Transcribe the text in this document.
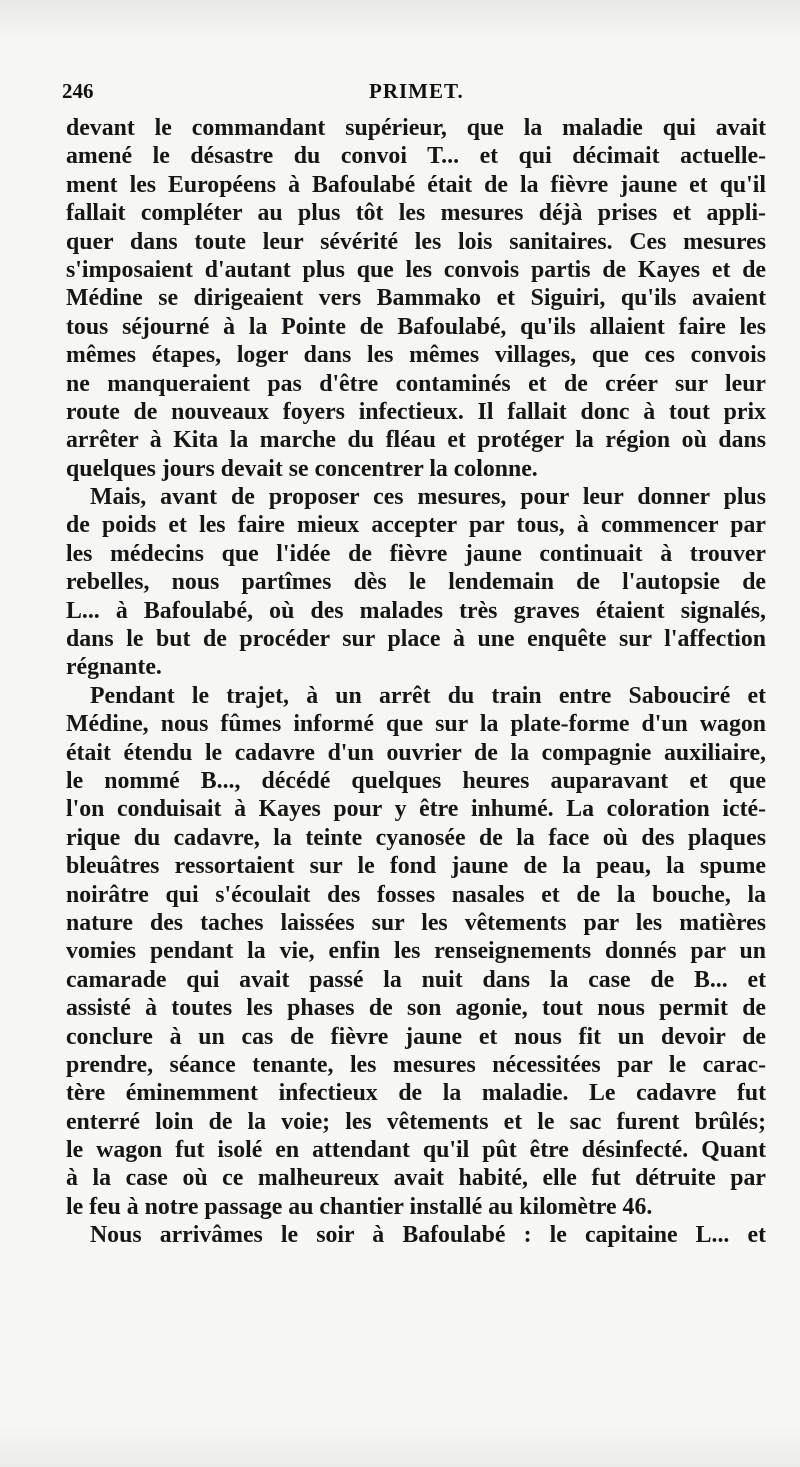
246	PRIMET.
devant le commandant supérieur, que la maladie qui avait
amené le désastre du convoi T... et qui décimait actuelle-
ment les Européens à Bafoulabé était de la fièvre jaune et qu'il
fallait compléter au plus tôt les mesures déjà prises et appli-
quer dans toute leur sévérité les lois sanitaires. Ces mesures
s'imposaient d'autant plus que les convois partis de Kayes et de
Médine se dirigeaient vers Bammako et Siguiri, qu'ils avaient
tous séjourné à la Pointe de Bafoulabé, qu'ils allaient faire les
mêmes étapes, loger dans les mêmes villages, que ces convois
ne manqueraient pas d'être contaminés et de créer sur leur
route de nouveaux foyers infectieux. Il fallait donc à tout prix
arrêter à Kita la marche du fléau et protéger la région où dans
quelques jours devait se concentrer la colonne.
Mais, avant de proposer ces mesures, pour leur donner plus
de poids et les faire mieux accepter par tous, à commencer par
les médecins que l'idée de fièvre jaune continuait à trouver
rebelles, nous partîmes dès le lendemain de l'autopsie de
L... à Bafoulabé, où des malades très graves étaient signalés,
dans le but de procéder sur place à une enquête sur l'affection
régnante.
Pendant le trajet, à un arrêt du train entre Sabouciré et
Médine, nous fûmes informé que sur la plate-forme d'un wagon
était étendu le cadavre d'un ouvrier de la compagnie auxiliaire,
le nommé B..., décédé quelques heures auparavant et que
l'on conduisait à Kayes pour y être inhumé. La coloration icté-
rique du cadavre, la teinte cyanosée de la face où des plaques
bleuâtres ressortaient sur le fond jaune de la peau, la spume
noirâtre qui s'écoulait des fosses nasales et de la bouche, la
nature des taches laissées sur les vêtements par les matières
vomies pendant la vie, enfin les renseignements donnés par un
camarade qui avait passé la nuit dans la case de B... et
assisté à toutes les phases de son agonie, tout nous permit de
conclure à un cas de fièvre jaune et nous fit un devoir de
prendre, séance tenante, les mesures nécessitées par le carac-
tère éminemment infectieux de la maladie. Le cadavre fut
enterré loin de la voie; les vêtements et le sac furent brûlés;
le wagon fut isolé en attendant qu'il pût être désinfecté. Quant
à la case où ce malheureux avait habité, elle fut détruite par
le feu à notre passage au chantier installé au kilomètre 46.
Nous arrivâmes le soir à Bafoulabé : le capitaine L... et
